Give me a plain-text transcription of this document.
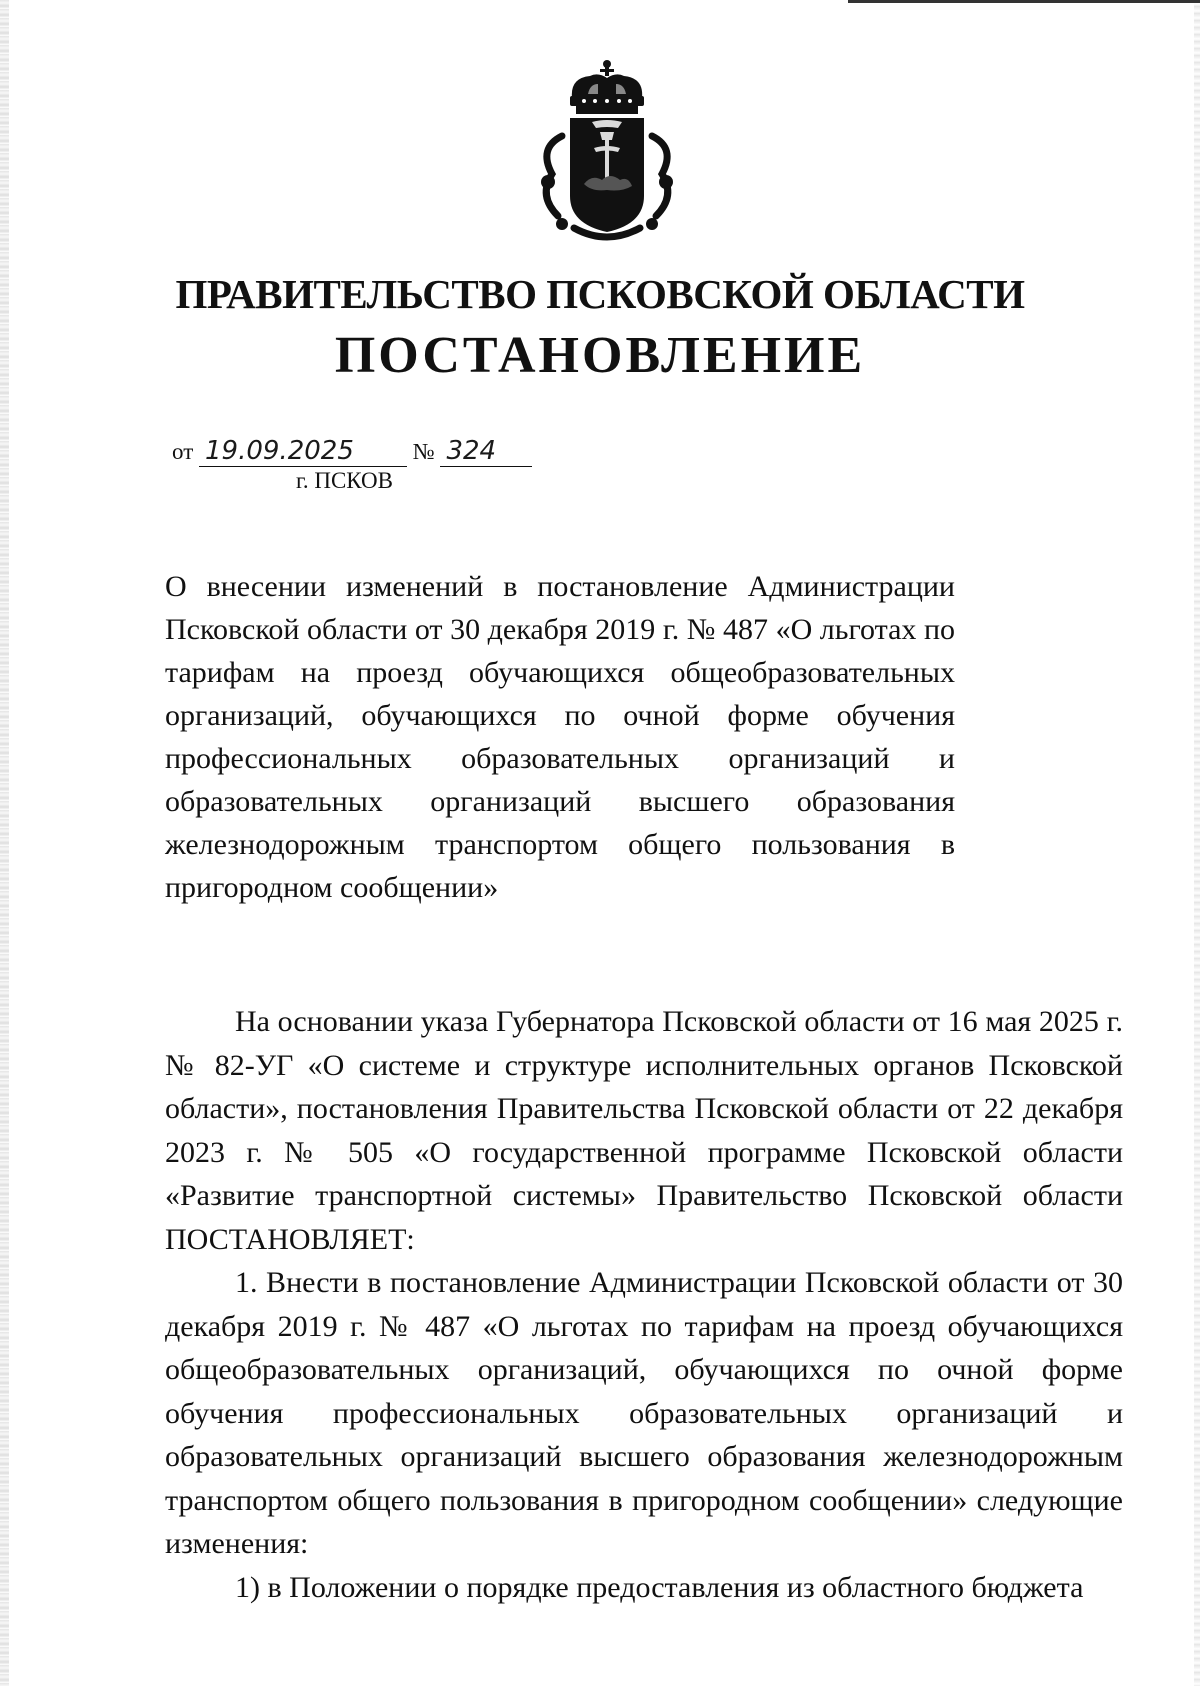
ПРАВИТЕЛЬСТВО ПСКОВСКОЙ ОБЛАСТИ
ПОСТАНОВЛЕНИЕ
от 19.09.2025	№ 324
г. ПСКОВ

О внесении изменений в постановление Администрации Псковской области от 30 декабря 2019 г. № 487 «О льготах по тарифам на проезд обучающихся общеобразовательных организаций, обучающихся по очной форме обучения профессиональных образовательных организаций и образовательных организаций высшего образования железнодорожным транспортом общего пользования в пригородном сообщении»

На основании указа Губернатора Псковской области от 16 мая 2025 г. № 82-УГ «О системе и структуре исполнительных органов Псковской области», постановления Правительства Псковской области от 22 декабря 2023 г. № 505 «О государственной программе Псковской области «Развитие транспортной системы» Правительство Псковской области ПОСТАНОВЛЯЕТ:

1. Внести в постановление Администрации Псковской области от 30 декабря 2019 г. № 487 «О льготах по тарифам на проезд обучающихся общеобразовательных организаций, обучающихся по очной форме обучения профессиональных образовательных организаций и образовательных организаций высшего образования железнодорожным транспортом общего пользования в пригородном сообщении» следующие изменения:

1) в Положении о порядке предоставления из областного бюджета
